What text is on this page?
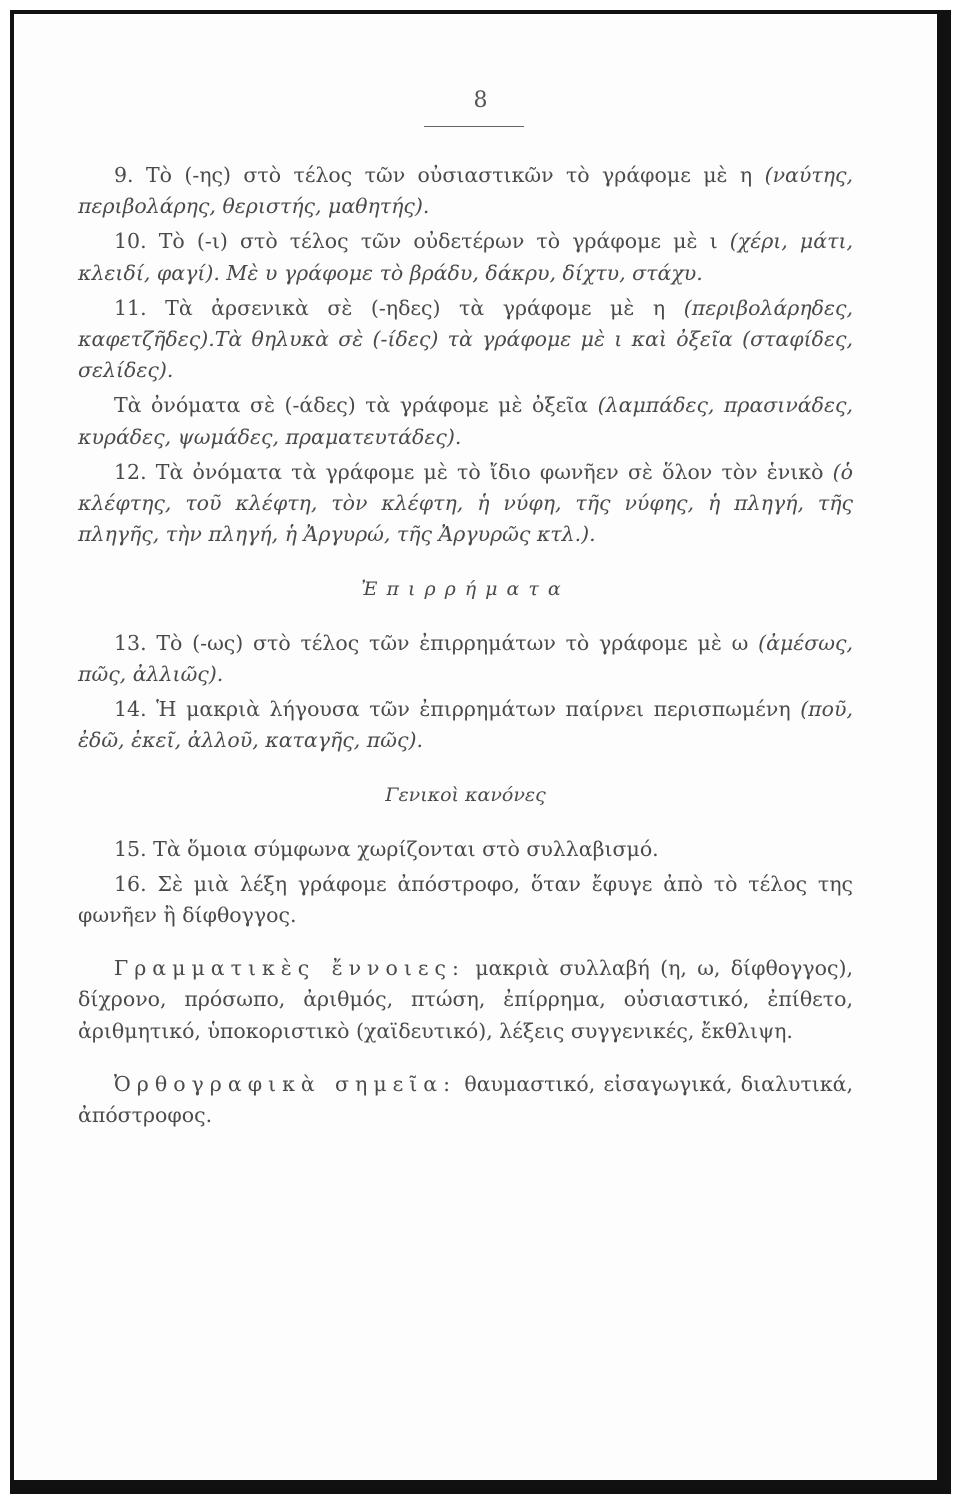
8

9. Τὸ (-ης) στὸ τέλος τῶν οὐσιαστικῶν τὸ γράφομε μὲ η (ναύτης, περιβολάρης, θεριστής, μαθητής).

10. Τὸ (-ι) στὸ τέλος τῶν οὐδετέρων τὸ γράφομε μὲ ι (χέρι, μάτι, κλειδί, φαγί). Μὲ υ γράφομε τὸ βράδυ, δάκρυ, δίχτυ, στάχυ.

11. Τὰ ἀρσενικὰ σὲ (-ηδες) τὰ γράφομε μὲ η (περιβολάρηδες, καφετζῆδες).Τὰ θηλυκὰ σὲ (-ίδες) τὰ γράφομε μὲ ι καὶ ὀξεῖα (σταφίδες, σελίδες).

Τὰ ὀνόματα σὲ (-άδες) τὰ γράφομε μὲ ὀξεῖα (λαμπάδες, πρασινάδες, κυράδες, ψωμάδες, πραματευτάδες).

12. Τὰ ὀνόματα τὰ γράφομε μὲ τὸ ἴδιο φωνῆεν σὲ ὅλον τὸν ἑνικὸ (ὁ κλέφτης, τοῦ κλέφτη, τὸν κλέφτη, ἡ νύφη, τῆς νύφης, ἡ πληγή, τῆς πληγῆς, τὴν πληγή, ἡ Ἀργυρώ, τῆς Ἀργυρῶς κτλ.).

Ἐπιρρήματα

13. Τὸ (-ως) στὸ τέλος τῶν ἐπιρρημάτων τὸ γράφομε μὲ ω (ἀμέσως, πῶς, ἀλλιῶς).

14. Ἡ μακριὰ λήγουσα τῶν ἐπιρρημάτων παίρνει περισπωμένη (ποῦ, ἐδῶ, ἐκεῖ, ἀλλοῦ, καταγῆς, πῶς).

Γενικοὶ κανόνες

15. Τὰ ὅμοια σύμφωνα χωρίζονται στὸ συλλαβισμό.

16. Σὲ μιὰ λέξη γράφομε ἀπόστροφο, ὅταν ἔφυγε ἀπὸ τὸ τέλος της φωνῆεν ἢ δίφθογγος.

Γραμματικὲς ἔννοιες: μακριὰ συλλαβή (η, ω, δίφθογγος), δίχρονο, πρόσωπο, ἀριθμός, πτώση, ἐπίρρημα, οὐσιαστικό, ἐπίθετο, ἀριθμητικό, ὑποκοριστικὸ (χαϊδευτικό), λέξεις συγγενικές, ἔκθλιψη.

Ὀρθογραφικὰ σημεῖα: θαυμαστικό, εἰσαγωγικά, διαλυτικά, ἀπόστροφος.
